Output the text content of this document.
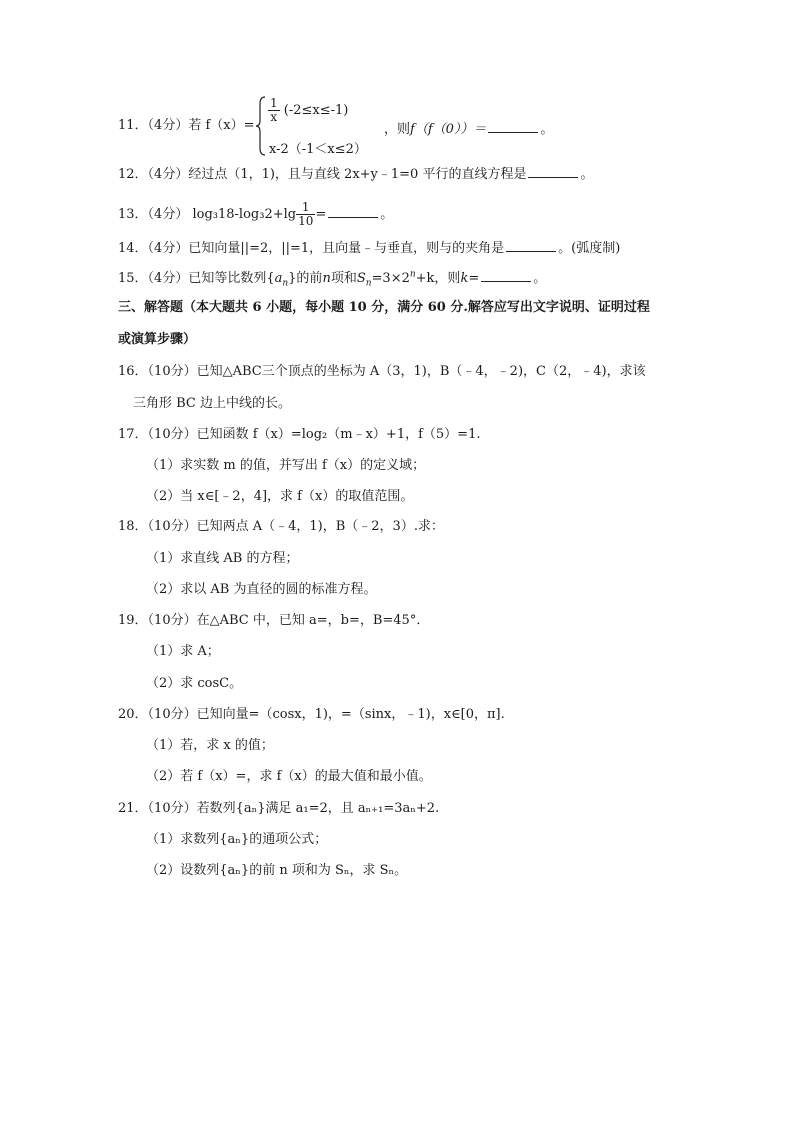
11．（4分）若 f（x）=
$\frac{1}{x} (-2\le x\le-1)$
x-2（-1＜x≤2）
，则f（f（0））＝	。
12．（4分）经过点（1，1)，且与直线 2x+y﹣1=0 平行的直线方程是	。
13．（4分） $\log_318-\log_32+\lg \frac{1}{10}$ =	。
14．（4分）已知向量||=2，||=1，且向量﹣与垂直，则与的夹角是	。(弧度制)
15．（4分）已知等比数列$\{a_n\}$的前n项和$S_n=3\times 2^n+k$，则k=	。
三、解答题（本大题共 6 小题，每小题 10 分，满分 60 分.解答应写出文字说明、证明过程
或演算步骤）
16．（10分）已知△ABC三个顶点的坐标为 A（3，1)，B（﹣4，﹣2)，C（2，﹣4)，求该
三角形 BC 边上中线的长。
17．（10分）已知函数 f（x）=log₂（m﹣x）+1，f（5）=1.
（1）求实数 m 的值，并写出 f（x）的定义域；
（2）当 x∈[﹣2，4]，求 f（x）的取值范围。
18．（10分）已知两点 A（﹣4，1)，B（﹣2，3）.求：
（1）求直线 AB 的方程；
（2）求以 AB 为直径的圆的标准方程。
19．（10分）在△ABC 中，已知 a=，b=，B=45°．
（1）求 A；
（2）求 cosC。
20．（10分）已知向量=（cosx，1)，=（sinx，﹣1)，x∈[0，π].
（1）若，求 x 的值；
（2）若 f（x）=，求 f（x）的最大值和最小值。
21．（10分）若数列{aₙ}满足 a₁=2，且 aₙ₊₁=3aₙ+2.
（1）求数列{aₙ}的通项公式；
（2）设数列{aₙ}的前 n 项和为 Sₙ，求 Sₙ。
